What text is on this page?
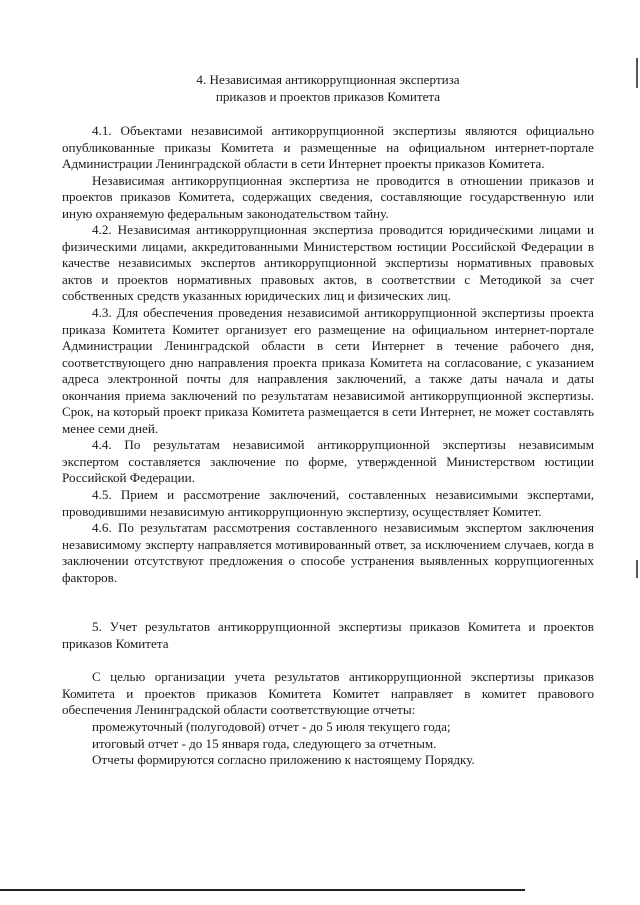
4. Независимая антикоррупционная экспертиза
приказов и проектов приказов Комитета

4.1. Объектами независимой антикоррупционной экспертизы являются официально опубликованные приказы Комитета и размещенные на официальном интернет-портале Администрации Ленинградской области в сети Интернет проекты приказов Комитета.

Независимая антикоррупционная экспертиза не проводится в отношении приказов и проектов приказов Комитета, содержащих сведения, составляющие государственную или иную охраняемую федеральным законодательством тайну.

4.2. Независимая антикоррупционная экспертиза проводится юридическими лицами и физическими лицами, аккредитованными Министерством юстиции Российской Федерации в качестве независимых экспертов антикоррупционной экспертизы нормативных правовых актов и проектов нормативных правовых актов, в соответствии с Методикой за счет собственных средств указанных юридических лиц и физических лиц.

4.3. Для обеспечения проведения независимой антикоррупционной экспертизы проекта приказа Комитета Комитет организует его размещение на официальном интернет-портале Администрации Ленинградской области в сети Интернет в течение рабочего дня, соответствующего дню направления проекта приказа Комитета на согласование, с указанием адреса электронной почты для направления заключений, а также даты начала и даты окончания приема заключений по результатам независимой антикоррупционной экспертизы. Срок, на который проект приказа Комитета размещается в сети Интернет, не может составлять менее семи дней.

4.4. По результатам независимой антикоррупционной экспертизы независимым экспертом составляется заключение по форме, утвержденной Министерством юстиции Российской Федерации.

4.5. Прием и рассмотрение заключений, составленных независимыми экспертами, проводившими независимую антикоррупционную экспертизу, осуществляет Комитет.

4.6. По результатам рассмотрения составленного независимым экспертом заключения независимому эксперту направляется мотивированный ответ, за исключением случаев, когда в заключении отсутствуют предложения о способе устранения выявленных коррупциогенных факторов.

5. Учет результатов антикоррупционной экспертизы приказов Комитета и проектов приказов Комитета

С целью организации учета результатов антикоррупционной экспертизы приказов Комитета и проектов приказов Комитета Комитет направляет в комитет правового обеспечения Ленинградской области соответствующие отчеты:

промежуточный (полугодовой) отчет - до 5 июля текущего года;

итоговый отчет - до 15 января года, следующего за отчетным.

Отчеты формируются согласно приложению к настоящему Порядку.
